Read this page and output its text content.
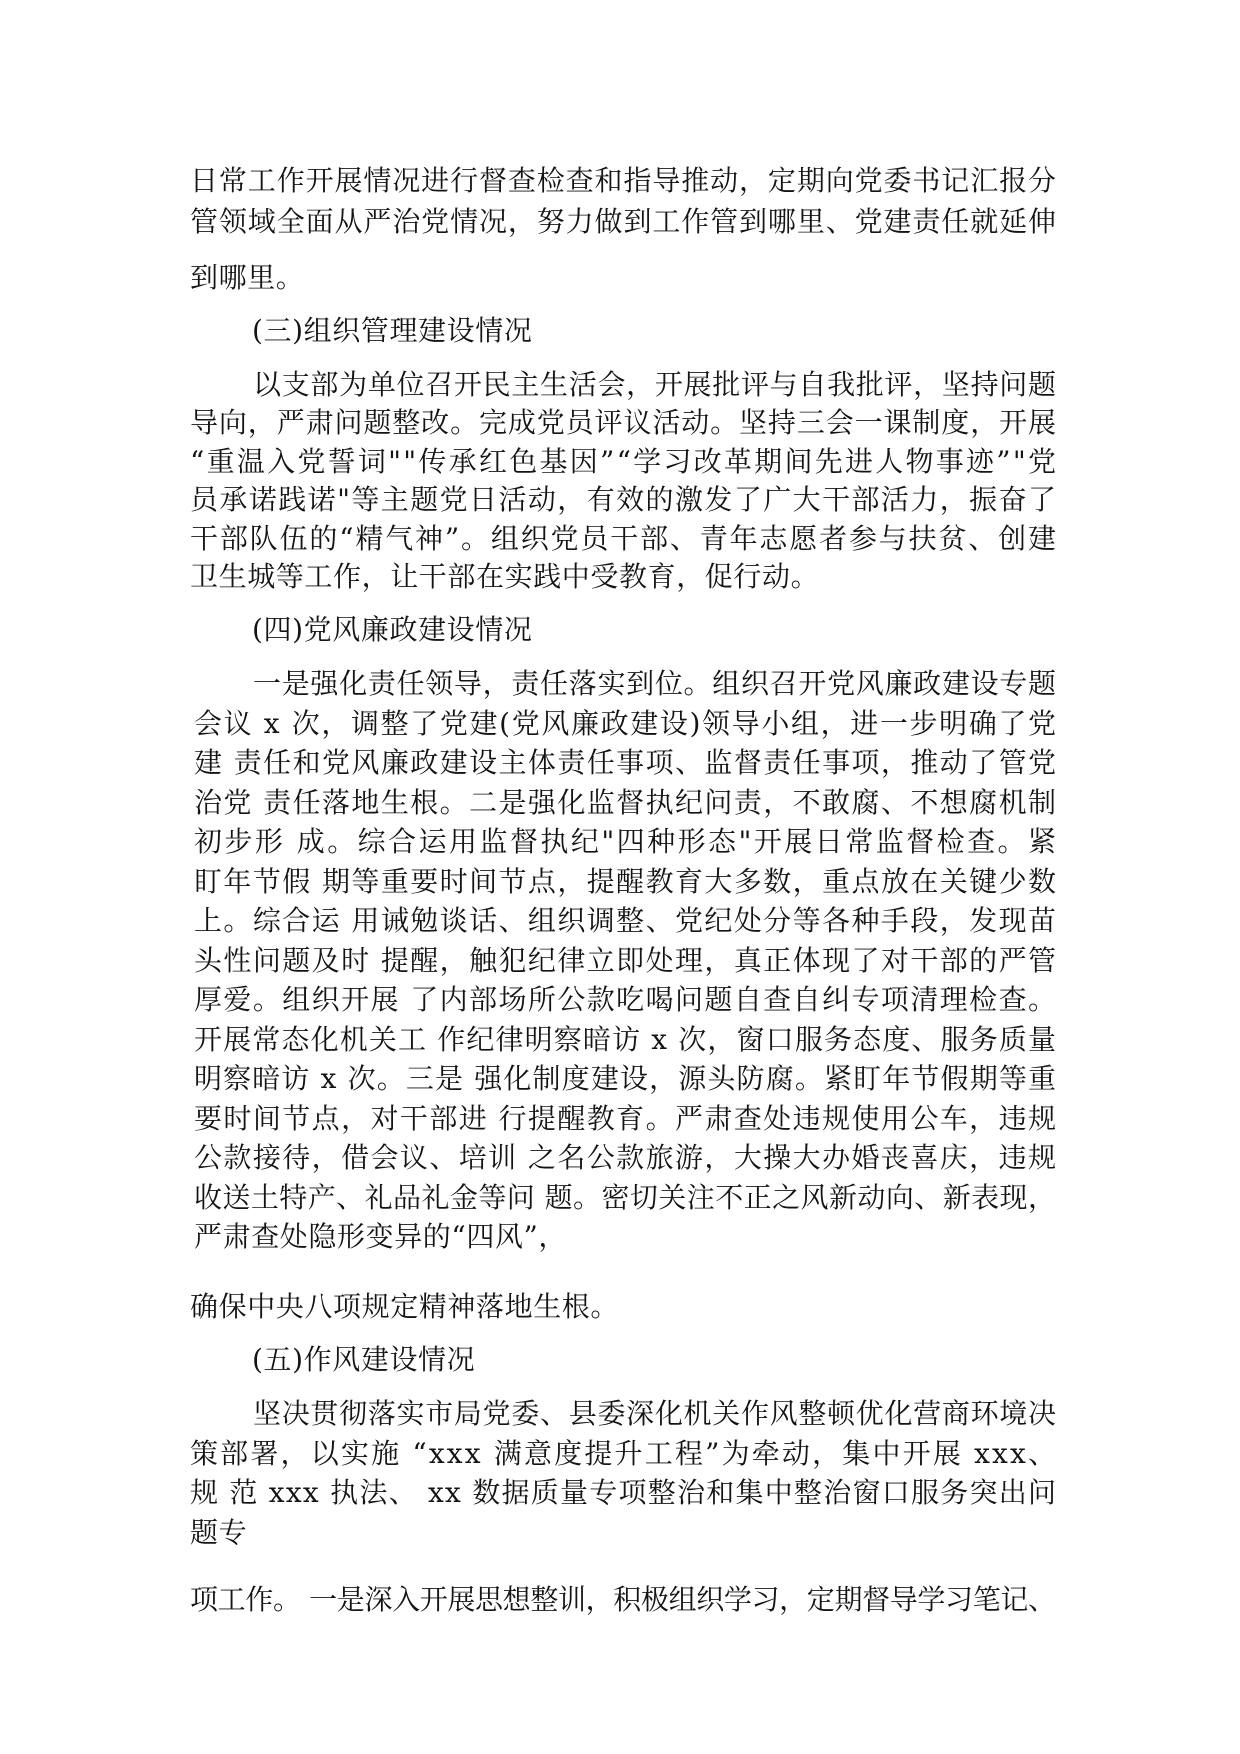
日常工作开展情况进行督查检查和指导推动，定期向党委书记汇报分
管领域全面从严治党情况，努力做到工作管到哪里、党建责任就延伸
到哪里。
(三)组织管理建设情况
以支部为单位召开民主生活会，开展批评与自我批评，坚持问题
导向，严肃问题整改。完成党员评议活动。坚持三会一课制度，开展
“重温入党誓词""传承红色基因”“学习改革期间先进人物事迹”"党
员承诺践诺"等主题党日活动，有效的激发了广大干部活力，振奋了
干部队伍的“精气神”。组织党员干部、青年志愿者参与扶贫、创建
卫生城等工作，让干部在实践中受教育，促行动。
(四)党风廉政建设情况
一是强化责任领导，责任落实到位。组织召开党风廉政建设专题
会议 x 次，调整了党建(党风廉政建设)领导小组，进一步明确了党
建 责任和党风廉政建设主体责任事项、监督责任事项，推动了管党
治党 责任落地生根。二是强化监督执纪问责，不敢腐、不想腐机制
初步形 成。综合运用监督执纪"四种形态"开展日常监督检查。紧
盯年节假 期等重要时间节点，提醒教育大多数，重点放在关键少数
上。综合运 用诫勉谈话、组织调整、党纪处分等各种手段，发现苗
头性问题及时 提醒，触犯纪律立即处理，真正体现了对干部的严管
厚爱。组织开展 了内部场所公款吃喝问题自查自纠专项清理检查。
开展常态化机关工 作纪律明察暗访 x 次，窗口服务态度、服务质量
明察暗访 x 次。三是 强化制度建设，源头防腐。紧盯年节假期等重
要时间节点，对干部进 行提醒教育。严肃查处违规使用公车，违规
公款接待，借会议、培训 之名公款旅游，大操大办婚丧喜庆，违规
收送土特产、礼品礼金等问 题。密切关注不正之风新动向、新表现，
严肃查处隐形变异的“四风”，
确保中央八项规定精神落地生根。
(五)作风建设情况
坚决贯彻落实市局党委、县委深化机关作风整顿优化营商环境决
策部署，以实施 “xxx 满意度提升工程”为牵动，集中开展 xxx、
规 范 xxx 执法、 xx 数据质量专项整治和集中整治窗口服务突出问
题专
项工作。 一是深入开展思想整训，积极组织学习，定期督导学习笔记、
